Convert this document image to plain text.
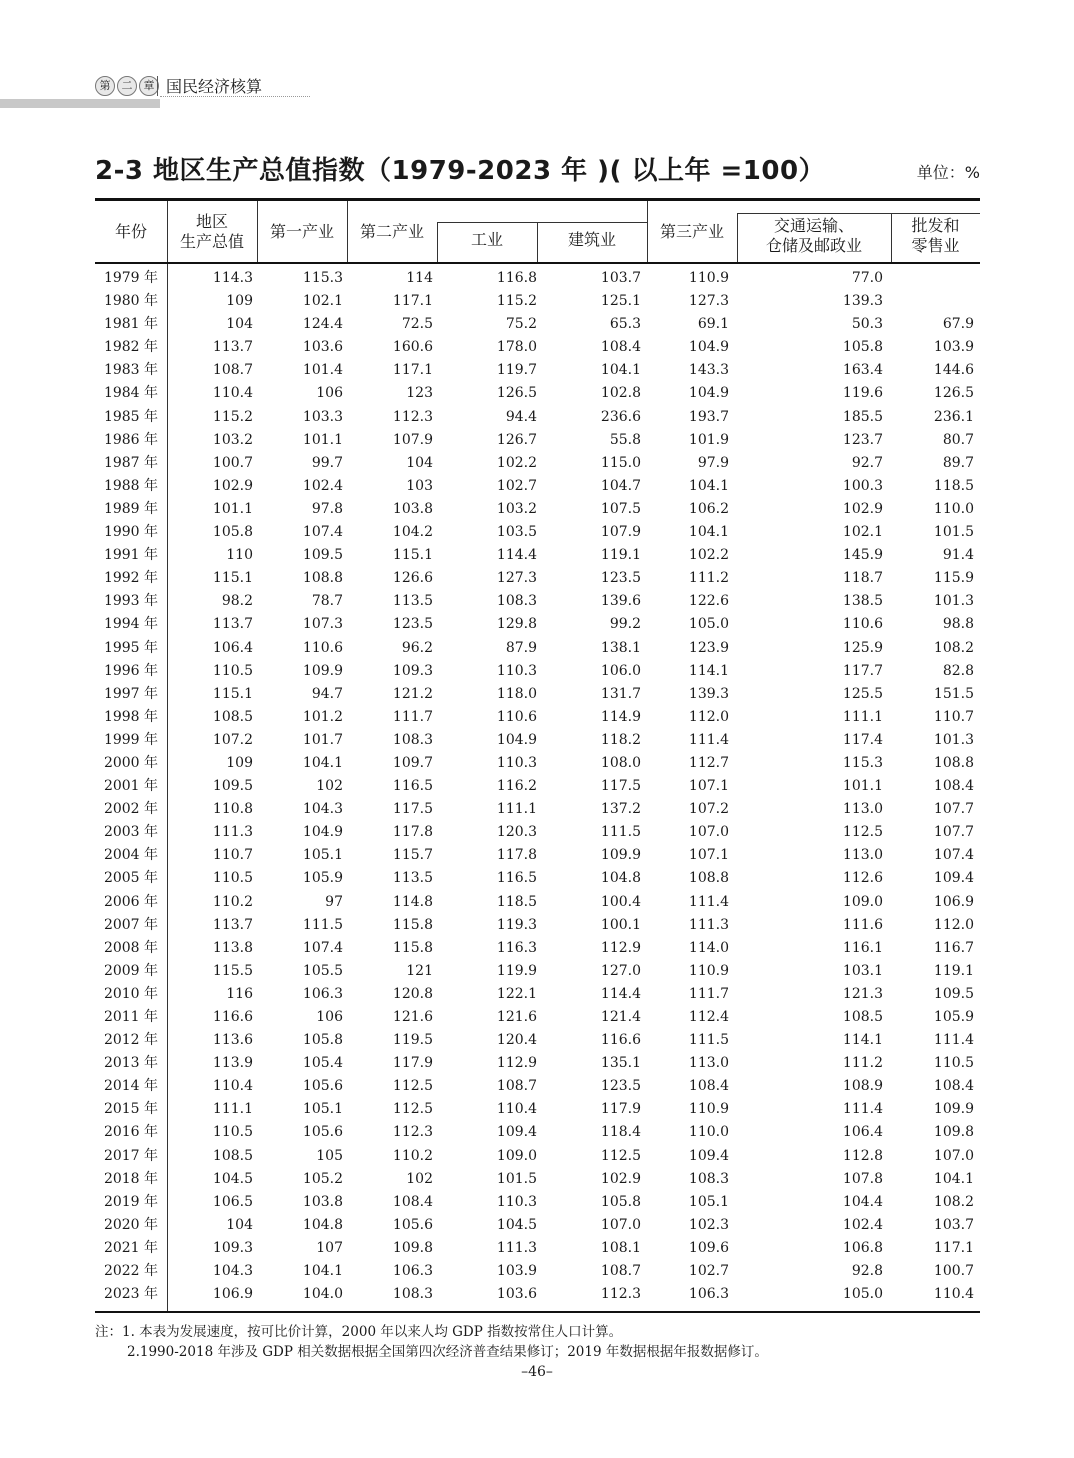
第	二	章 国民经济核算
2-3 地区生产总值指数（1979-2023 年 )( 以上年 =100）	单位：%
年份
地区
生产总值
第一产业	第二产业	工业	建筑业	第三产业	交通运输、
仓储及邮政业
批发和
零售业
1979 年	114.3	115.3	114	116.8	103.7	110.9	77.0	
1980 年	109	102.1	117.1	115.2	125.1	127.3	139.3	
1981 年	104	124.4	72.5	75.2	65.3	69.1	50.3	67.9
1982 年	113.7	103.6	160.6	178.0	108.4	104.9	105.8	103.9
1983 年	108.7	101.4	117.1	119.7	104.1	143.3	163.4	144.6
1984 年	110.4	106	123	126.5	102.8	104.9	119.6	126.5
1985 年	115.2	103.3	112.3	94.4	236.6	193.7	185.5	236.1
1986 年	103.2	101.1	107.9	126.7	55.8	101.9	123.7	80.7
1987 年	100.7	99.7	104	102.2	115.0	97.9	92.7	89.7
1988 年	102.9	102.4	103	102.7	104.7	104.1	100.3	118.5
1989 年	101.1	97.8	103.8	103.2	107.5	106.2	102.9	110.0
1990 年	105.8	107.4	104.2	103.5	107.9	104.1	102.1	101.5
1991 年	110	109.5	115.1	114.4	119.1	102.2	145.9	91.4
1992 年	115.1	108.8	126.6	127.3	123.5	111.2	118.7	115.9
1993 年	98.2	78.7	113.5	108.3	139.6	122.6	138.5	101.3
1994 年	113.7	107.3	123.5	129.8	99.2	105.0	110.6	98.8
1995 年	106.4	110.6	96.2	87.9	138.1	123.9	125.9	108.2
1996 年	110.5	109.9	109.3	110.3	106.0	114.1	117.7	82.8
1997 年	115.1	94.7	121.2	118.0	131.7	139.3	125.5	151.5
1998 年	108.5	101.2	111.7	110.6	114.9	112.0	111.1	110.7
1999 年	107.2	101.7	108.3	104.9	118.2	111.4	117.4	101.3
2000 年	109	104.1	109.7	110.3	108.0	112.7	115.3	108.8
2001 年	109.5	102	116.5	116.2	117.5	107.1	101.1	108.4
2002 年	110.8	104.3	117.5	111.1	137.2	107.2	113.0	107.7
2003 年	111.3	104.9	117.8	120.3	111.5	107.0	112.5	107.7
2004 年	110.7	105.1	115.7	117.8	109.9	107.1	113.0	107.4
2005 年	110.5	105.9	113.5	116.5	104.8	108.8	112.6	109.4
2006 年	110.2	97	114.8	118.5	100.4	111.4	109.0	106.9
2007 年	113.7	111.5	115.8	119.3	100.1	111.3	111.6	112.0
2008 年	113.8	107.4	115.8	116.3	112.9	114.0	116.1	116.7
2009 年	115.5	105.5	121	119.9	127.0	110.9	103.1	119.1
2010 年	116	106.3	120.8	122.1	114.4	111.7	121.3	109.5
2011 年	116.6	106	121.6	121.6	121.4	112.4	108.5	105.9
2012 年	113.6	105.8	119.5	120.4	116.6	111.5	114.1	111.4
2013 年	113.9	105.4	117.9	112.9	135.1	113.0	111.2	110.5
2014 年	110.4	105.6	112.5	108.7	123.5	108.4	108.9	108.4
2015 年	111.1	105.1	112.5	110.4	117.9	110.9	111.4	109.9
2016 年	110.5	105.6	112.3	109.4	118.4	110.0	106.4	109.8
2017 年	108.5	105	110.2	109.0	112.5	109.4	112.8	107.0
2018 年	104.5	105.2	102	101.5	102.9	108.3	107.8	104.1
2019 年	106.5	103.8	108.4	110.3	105.8	105.1	104.4	108.2
2020 年	104	104.8	105.6	104.5	107.0	102.3	102.4	103.7
2021 年	109.3	107	109.8	111.3	108.1	109.6	106.8	117.1
2022 年	104.3	104.1	106.3	103.9	108.7	102.7	92.8	100.7
2023 年	106.9	104.0	108.3	103.6	112.3	106.3	105.0	110.4
注：1. 本表为发展速度，按可比价计算，2000 年以来人均 GDP 指数按常住人口计算。
2.1990-2018 年涉及 GDP 相关数据根据全国第四次经济普查结果修订；2019 年数据根据年报数据修订。
–46–
